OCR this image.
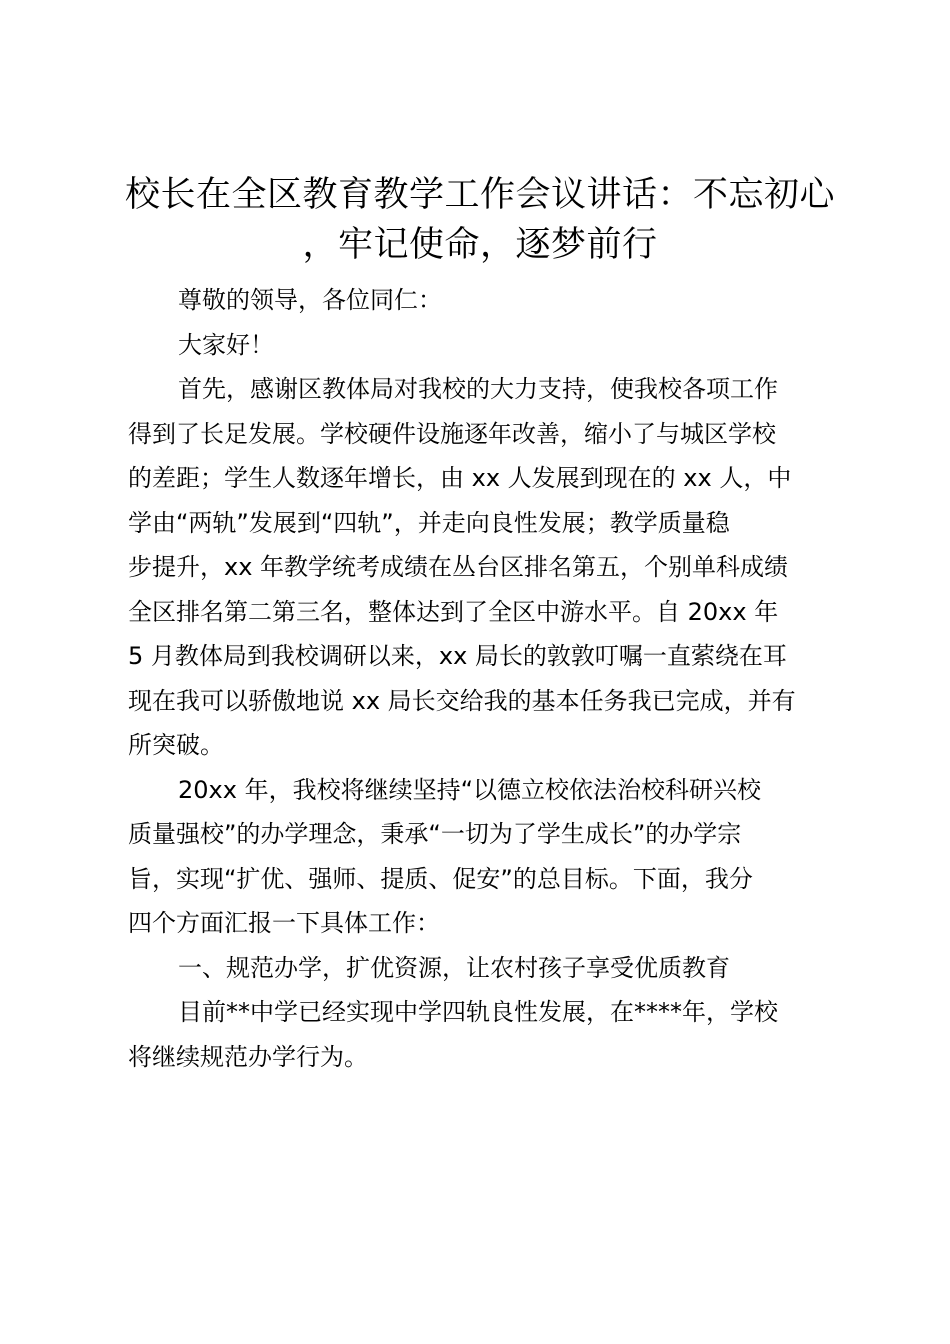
校长在全区教育教学工作会议讲话：不忘初心
，牢记使命，逐梦前行

尊敬的领导，各位同仁：

大家好！

首先，感谢区教体局对我校的大力支持，使我校各项工作

得到了长足发展。学校硬件设施逐年改善，缩小了与城区学校

的差距；学生人数逐年增长，由 xx 人发展到现在的 xx 人，中

学由“两轨”发展到“四轨”，并走向良性发展；教学质量稳

步提升，xx 年教学统考成绩在丛台区排名第五，个别单科成绩

全区排名第二第三名，整体达到了全区中游水平。自 20xx 年

5 月教体局到我校调研以来，xx 局长的敦敦叮嘱一直萦绕在耳

现在我可以骄傲地说 xx 局长交给我的基本任务我已完成，并有

所突破。

20xx 年，我校将继续坚持“以德立校依法治校科研兴校

质量强校”的办学理念，秉承“一切为了学生成长”的办学宗

旨，实现“扩优、强师、提质、促安”的总目标。下面，我分

四个方面汇报一下具体工作：

一、规范办学，扩优资源，让农村孩子享受优质教育

目前**中学已经实现中学四轨良性发展，在****年，学校

将继续规范办学行为。
